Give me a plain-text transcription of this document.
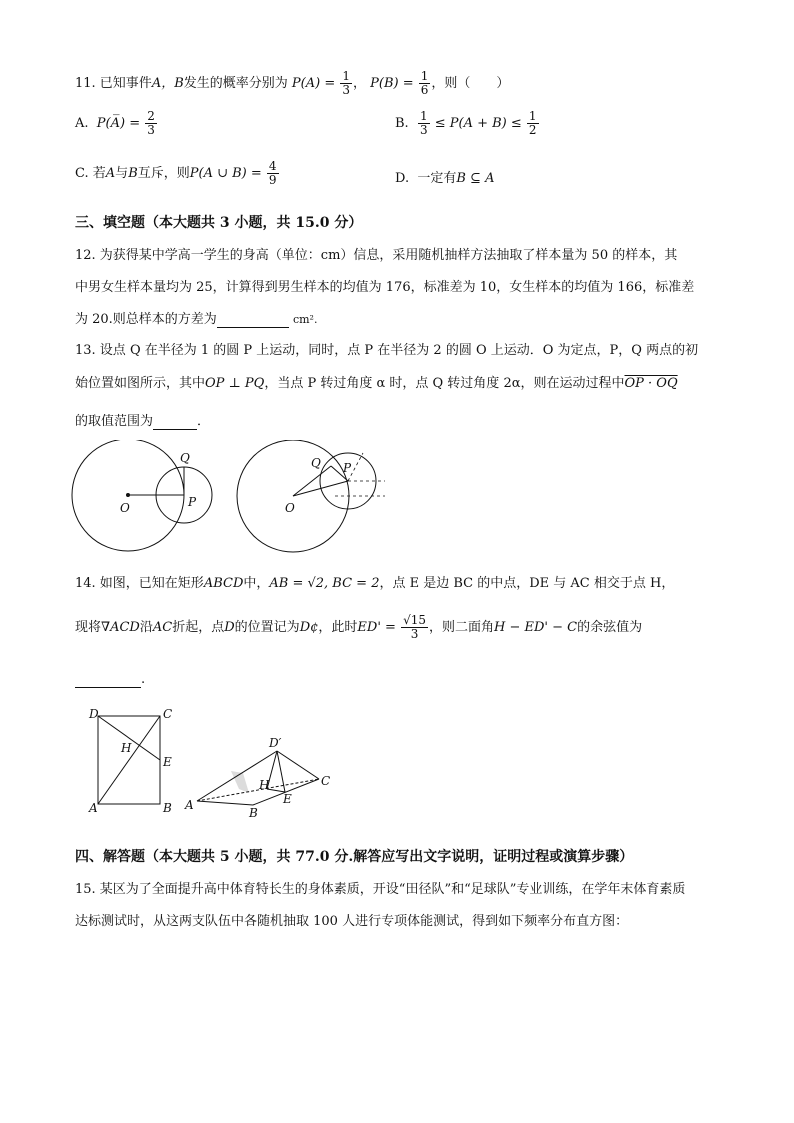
11. 已知事件A，B发生的概率分别为 $P(A) = \frac{1}{3}$ ， $P(B) = \frac{1}{6}$ ，则（　　）
A. P(A̅) = $\frac{2}{3}$	B. $\frac{1}{3} \le P(A + B) \le \frac{1}{2}$
C. 若A与B互斥，则P(A ∪ $B) = \frac{4}{9}$	D. 一定有B ⊆ A
三、填空题（本大题共 3 小题，共 15.0 分）
12. 为获得某中学高一学生的身高（单位：cm）信息，采用随机抽样方法抽取了样本量为 50 的样本，其
中男女生样本量均为 25，计算得到男生样本的均值为 176，标准差为 10，女生样本的均值为 166，标准差
为 20.则总样本的方差为	cm².
13. 设点 Q 在半径为 1 的圆 P 上运动，同时，点 P 在半径为 2 的圆 O 上运动．O 为定点，P，Q 两点的初
始位置如图所示，其中OP ⊥ PQ，当点 P 转过角度 α 时，点 Q 转过角度 2α，则在运动过程中OP · OQ
的取值范围为	．
O	P
Q
O
P
Q
14. 如图，已知在矩形ABCD中，AB = √2, BC = 2，点 E 是边 BC 的中点，DE 与 AC 相交于点 H，
现将∇ACD沿AC折起，点D的位置记为D¢，此时$ED' = \frac{√15}{3}$ ，则二面角H − ED' − C的余弦值为
.
D	C
H
E
A	B
D′
H
E
C
A
B
四、解答题（本大题共 5 小题，共 77.0 分.解答应写出文字说明，证明过程或演算步骤）
15. 某区为了全面提升高中体育特长生的身体素质，开设“田径队”和“足球队”专业训练，在学年末体育素质
达标测试时，从这两支队伍中各随机抽取 100 人进行专项体能测试，得到如下频率分布直方图：
